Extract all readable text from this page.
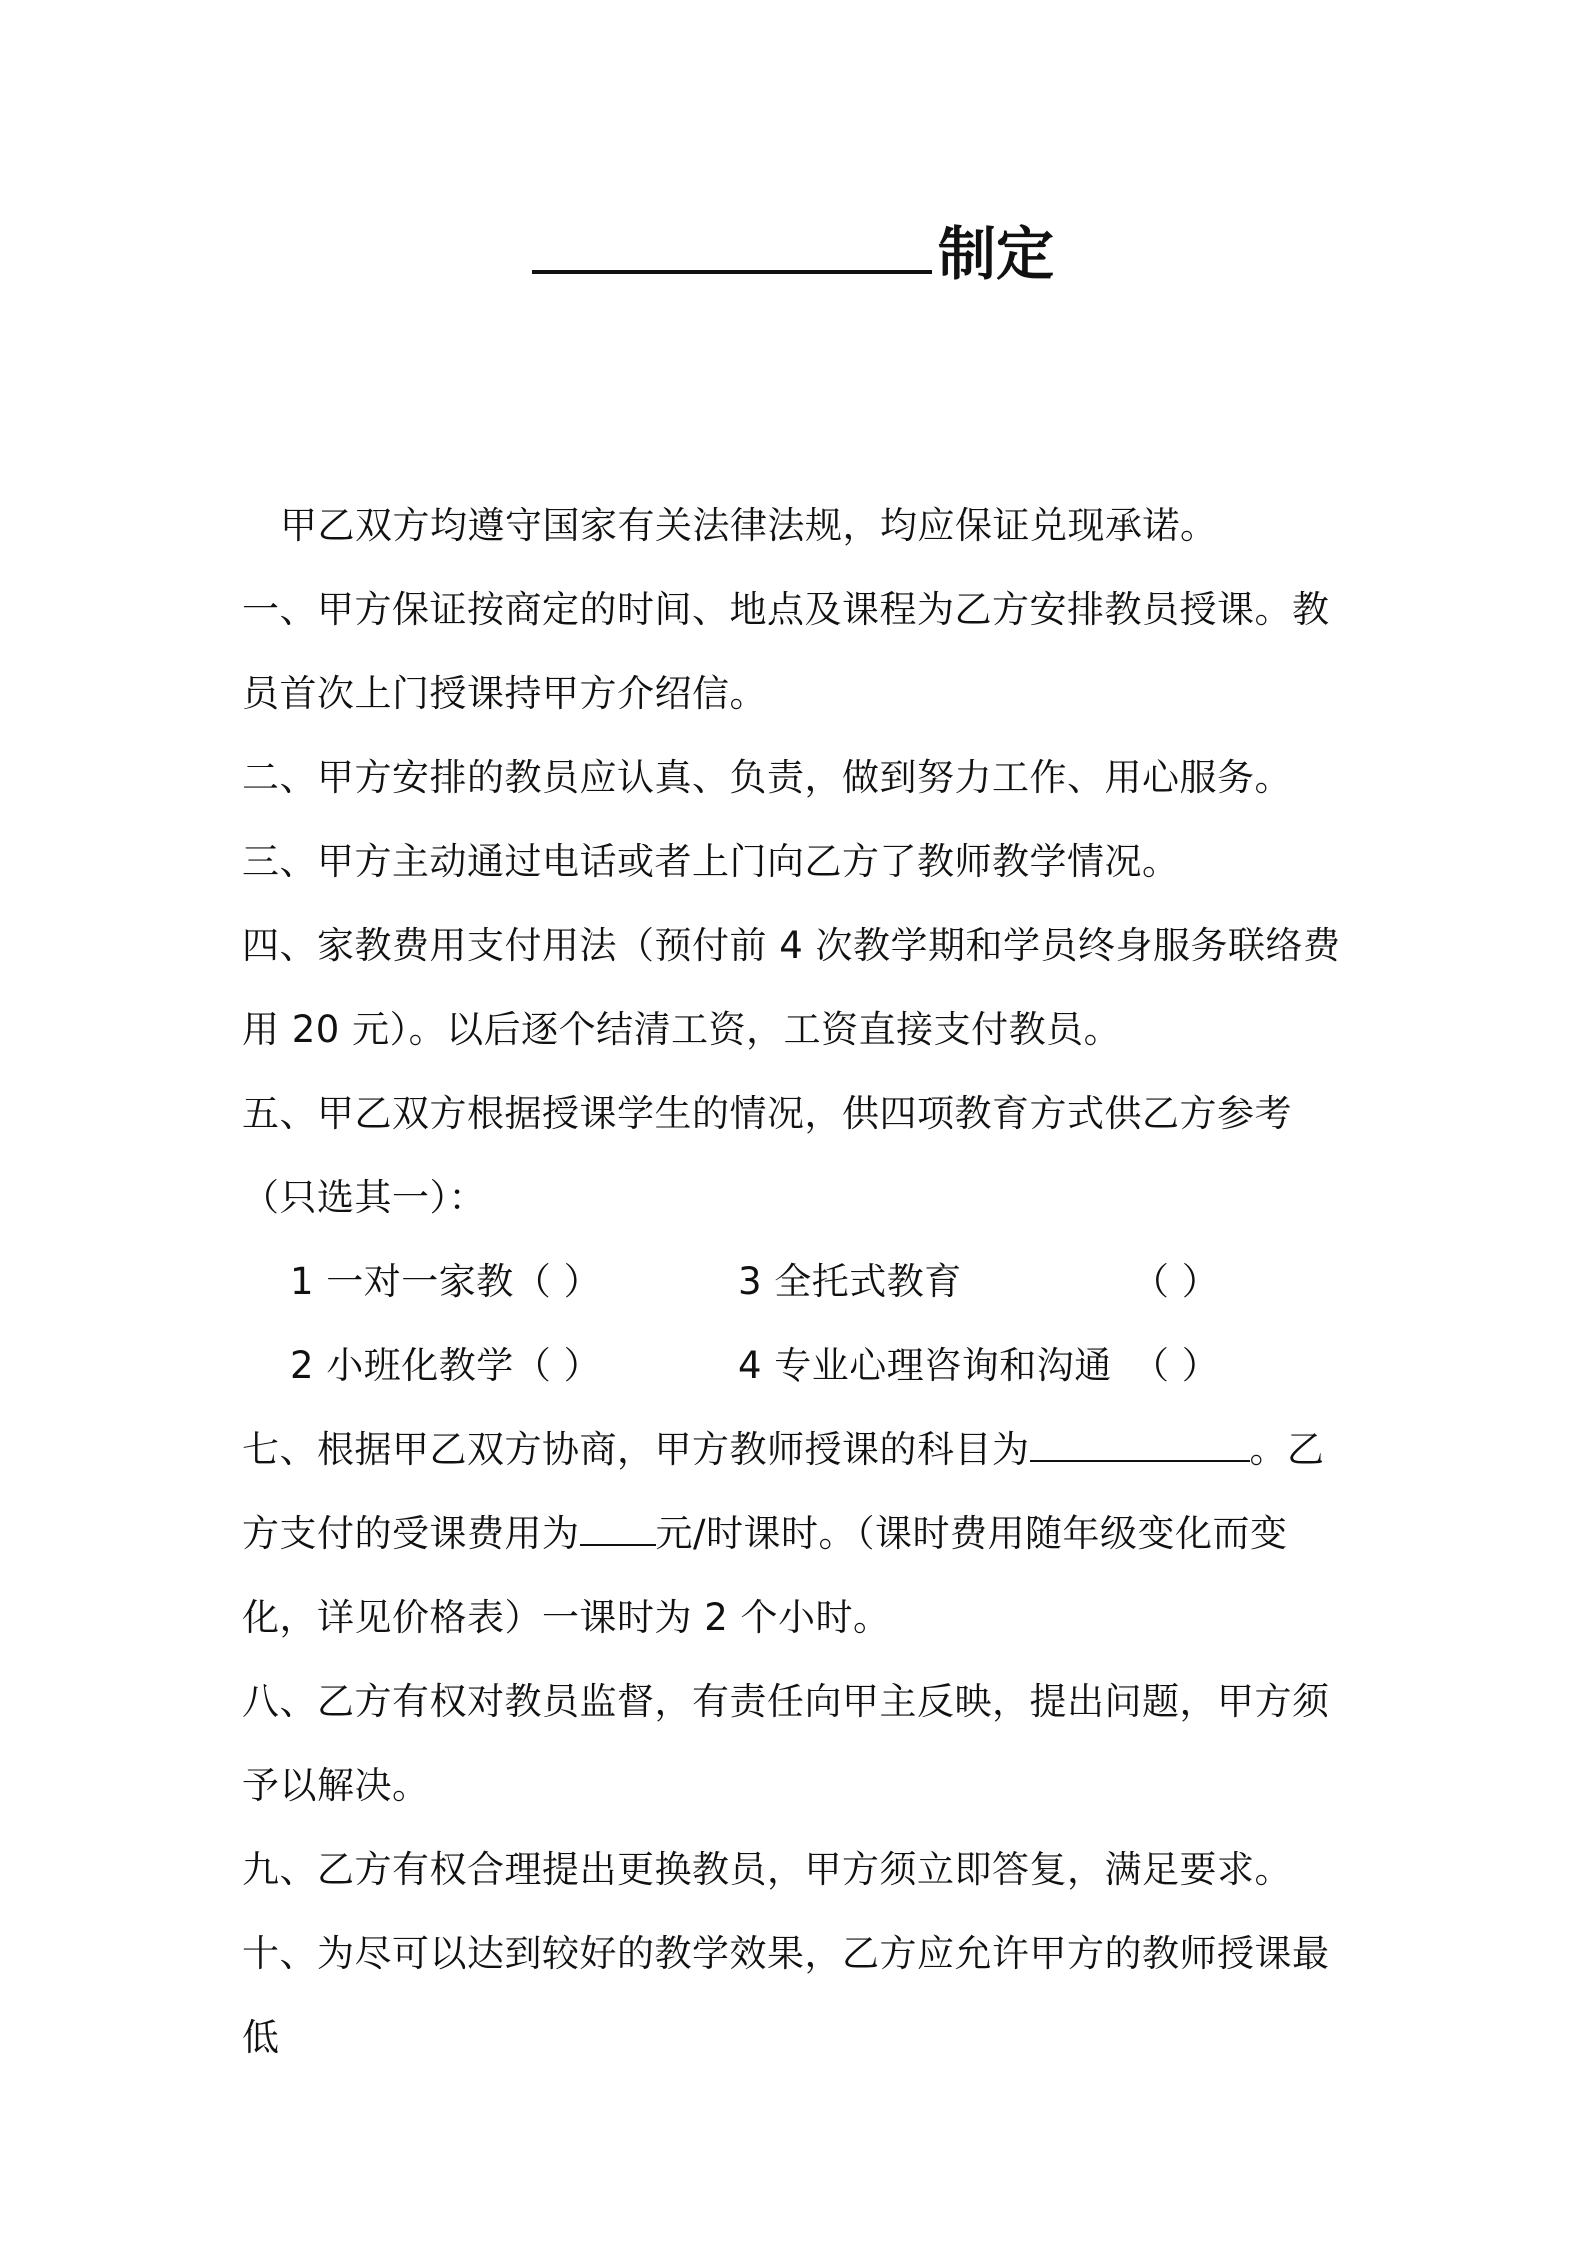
制定

甲乙双方均遵守国家有关法律法规，均应保证兑现承诺。

一、甲方保证按商定的时间、地点及课程为乙方安排教员授课。教员首次上门授课持甲方介绍信。

二、甲方安排的教员应认真、负责，做到努力工作、用心服务。

三、甲方主动通过电话或者上门向乙方了教师教学情况。

四、家教费用支付用法（预付前 4 次教学期和学员终身服务联络费用 20 元）。以后逐个结清工资，工资直接支付教员。

五、甲乙双方根据授课学生的情况，供四项教育方式供乙方参考（只选其一）：

1 一对一家教 （ ）	3 全托式教育	（ ）
2 小班化教学 （ ）	4 专业心理咨询和沟通 （ ）

七、根据甲乙双方协商，甲方教师授课的科目为	。乙方支付的受课费用为 元/时课时。（课时费用随年级变化而变化，详见价格表）一课时为 2 个小时。

八、乙方有权对教员监督，有责任向甲主反映，提出问题，甲方须予以解决。

九、乙方有权合理提出更换教员，甲方须立即答复，满足要求。

十、为尽可以达到较好的教学效果，乙方应允许甲方的教师授课最低
